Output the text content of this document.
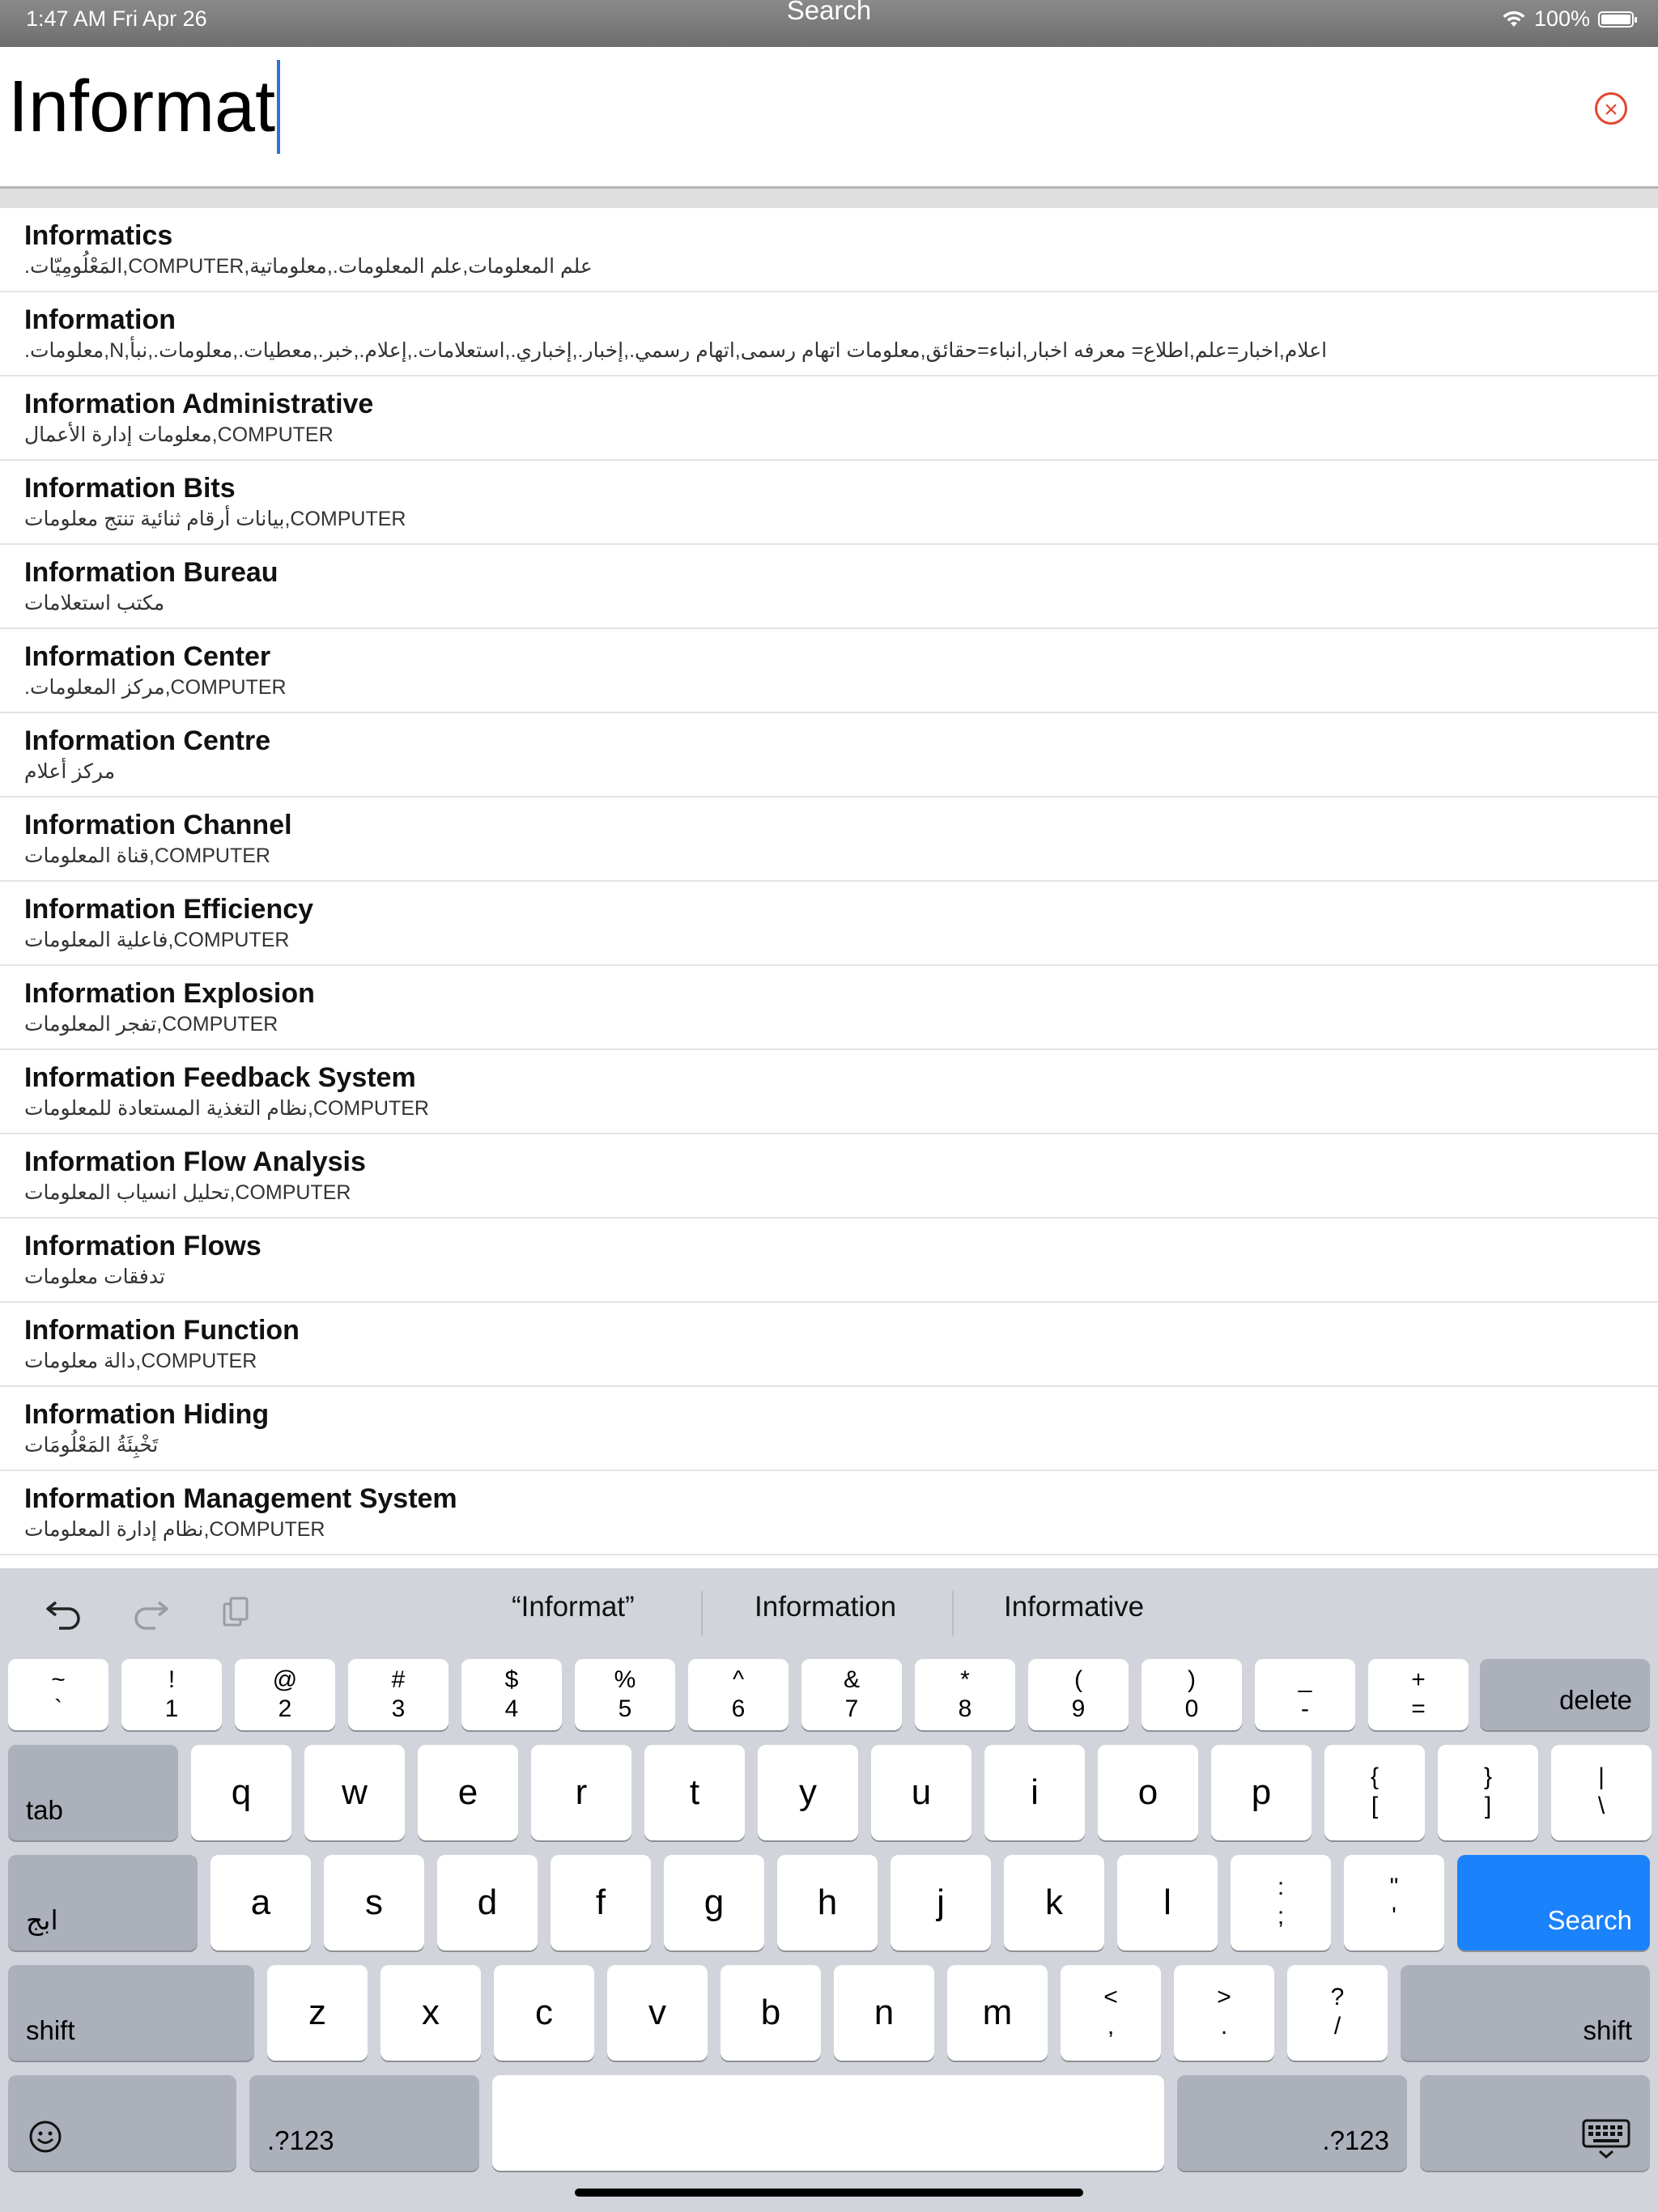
1:47 AM Fri Apr 26	Search	100%
Informat	×
Informatics
علم المعلومات,علم المعلومات.,معلوماتية,COMPUTER,المَعْلُومِيّات.
Information
اعلام,اخبار=علم,اطلاع= معرفه اخبار,انباء=حقائق,معلومات اتهام رسمى,اتهام رسمي.,إخبار.,إخباري.,استعلامات.,إعلام.,خبر.,معطيات.,معلومات.,نبأ,N,معلومات.
Information Administrative
COMPUTER,معلومات إدارة الأعمال
Information Bits
COMPUTER,بيانات أرقام ثنائية تنتج معلومات
Information Bureau
مكتب استعلامات
Information Center
COMPUTER,مركز المعلومات.
Information Centre
مركز أعلام
Information Channel
COMPUTER,قناة المعلومات
Information Efficiency
COMPUTER,فاعلية المعلومات
Information Explosion
COMPUTER,تفجر المعلومات
Information Feedback System
COMPUTER,نظام التغذية المستعادة للمعلومات
Information Flow Analysis
COMPUTER,تحليل انسياب المعلومات
Information Flows
تدفقات معلومات
Information Function
COMPUTER,دالة معلومات
Information Hiding
تَخْبِئَةُ المَعْلُومَات
Information Management System
COMPUTER,نظام إدارة المعلومات
“Informat”	Information	Informative
~
`
!
1
@
2
#
3
$
4
%
5
^
6
&
7
*
8
(
9
)
0
_
-
+
=	delete
tab	q	w	e	r	t	y	u	i	o	p	{
[
}
]
|
\
ابج	a	s	d	f	g	h	j	k	l	:
;
"
'	Search
shift	z	x	c	v	b	n	m	<
,
>
.
?
/	shift
.?123	.?123
